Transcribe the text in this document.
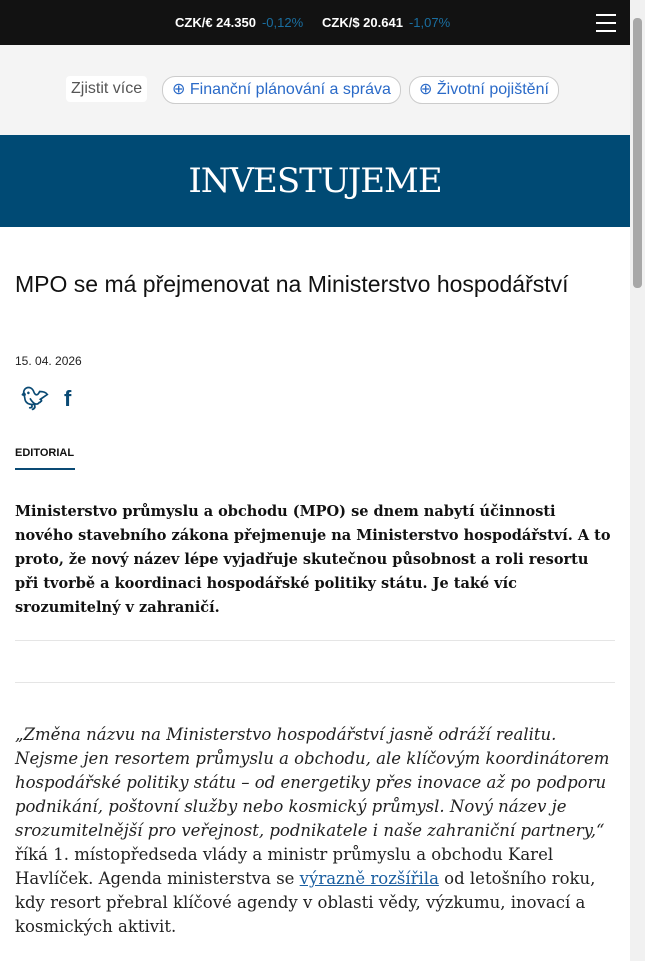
CZK/€ 24.350 -0,12% CZK/$ 20.641 -1,07%
Zjistit více	⊕ Finanční plánování a správa	⊕ Životní pojištění
INVESTUJEME
MPO se má přejmenovat na Ministerstvo hospodářství
15. 04. 2026
🐦︎ f
EDITORIAL
Ministerstvo průmyslu a obchodu (MPO) se dnem nabytí účinnosti nového stavebního zákona přejmenuje na Ministerstvo hospodářství. A to proto, že nový název lépe vyjadřuje skutečnou působnost a roli resortu při tvorbě a koordinaci hospodářské politiky státu. Je také víc srozumitelný v zahraničí.
„Změna názvu na Ministerstvo hospodářství jasně odráží realitu. Nejsme jen resortem průmyslu a obchodu, ale klíčovým koordinátorem hospodářské politiky státu – od energetiky přes inovace až po podporu podnikání, poštovní služby nebo kosmický průmysl. Nový název je srozumitelnější pro veřejnost, podnikatele i naše zahraniční partnery,“ říká 1. místopředseda vlády a ministr průmyslu a obchodu Karel Havlíček. Agenda ministerstva se výrazně rozšířila od letošního roku, kdy resort přebral klíčové agendy v oblasti vědy, výzkumu, inovací a kosmických aktivit.
